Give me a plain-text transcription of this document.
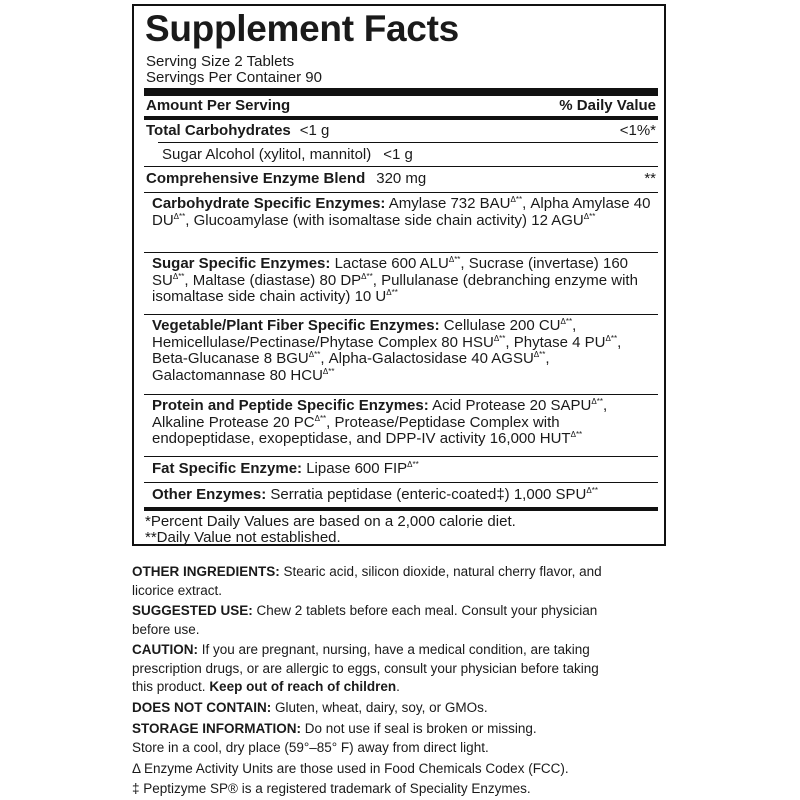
Supplement Facts
Serving Size 2 Tablets
Servings Per Container 90
Amount Per Serving	% Daily Value
Total Carbohydrates <1 g	<1%*
Sugar Alcohol (xylitol, mannitol) <1 g
Comprehensive Enzyme Blend 320 mg	**
Carbohydrate Specific Enzymes: Amylase 732 $BAU^{\Delta**}$, Alpha Amylase 40 $DU^{\Delta**}$, Glucoamylase (with isomaltase side chain activity) 12 $AGU^{\Delta**}$
Sugar Specific Enzymes: Lactase 600 $ALU^{\Delta**}$, Sucrase (invertase) 160 $SU^{\Delta**}$, Maltase (diastase) 80 $DP^{\Delta**}$, Pullulanase (debranching enzyme with isomaltase side chain activity) 10 $U^{\Delta**}$
Vegetable/Plant Fiber Specific Enzymes: Cellulase 200 $CU^{\Delta**}$, Hemicellulase/Pectinase/Phytase Complex 80 $HSU^{\Delta**}$, Phytase 4 $PU^{\Delta**}$, Beta-Glucanase 8 $BGU^{\Delta**}$, Alpha-Galactosidase 40 $AGSU^{\Delta**}$, Galactomannase 80 $HCU^{\Delta**}$
Protein and Peptide Specific Enzymes: Acid Protease 20 $SAPU^{\Delta**}$, Alkaline Protease 20 $PC^{\Delta**}$, Protease/Peptidase Complex with endopeptidase, exopeptidase, and DPP-IV activity 16,000 $HUT^{\Delta**}$
Fat Specific Enzyme: Lipase 600 $FIP^{\Delta**}$
Other Enzymes: Serratia peptidase (enteric-coated‡) 1,000 $SPU^{\Delta**}$
*Percent Daily Values are based on a 2,000 calorie diet.
**Daily Value not established.
OTHER INGREDIENTS: Stearic acid, silicon dioxide, natural cherry flavor, and
licorice extract.
SUGGESTED USE: Chew 2 tablets before each meal. Consult your physician
before use.
CAUTION: If you are pregnant, nursing, have a medical condition, are taking
prescription drugs, or are allergic to eggs, consult your physician before taking
this product. Keep out of reach of children.
DOES NOT CONTAIN: Gluten, wheat, dairy, soy, or GMOs.
STORAGE INFORMATION: Do not use if seal is broken or missing.
Store in a cool, dry place (59°–85° F) away from direct light.
Δ Enzyme Activity Units are those used in Food Chemicals Codex (FCC).
‡ Peptizyme SP® is a registered trademark of Speciality Enzymes.
